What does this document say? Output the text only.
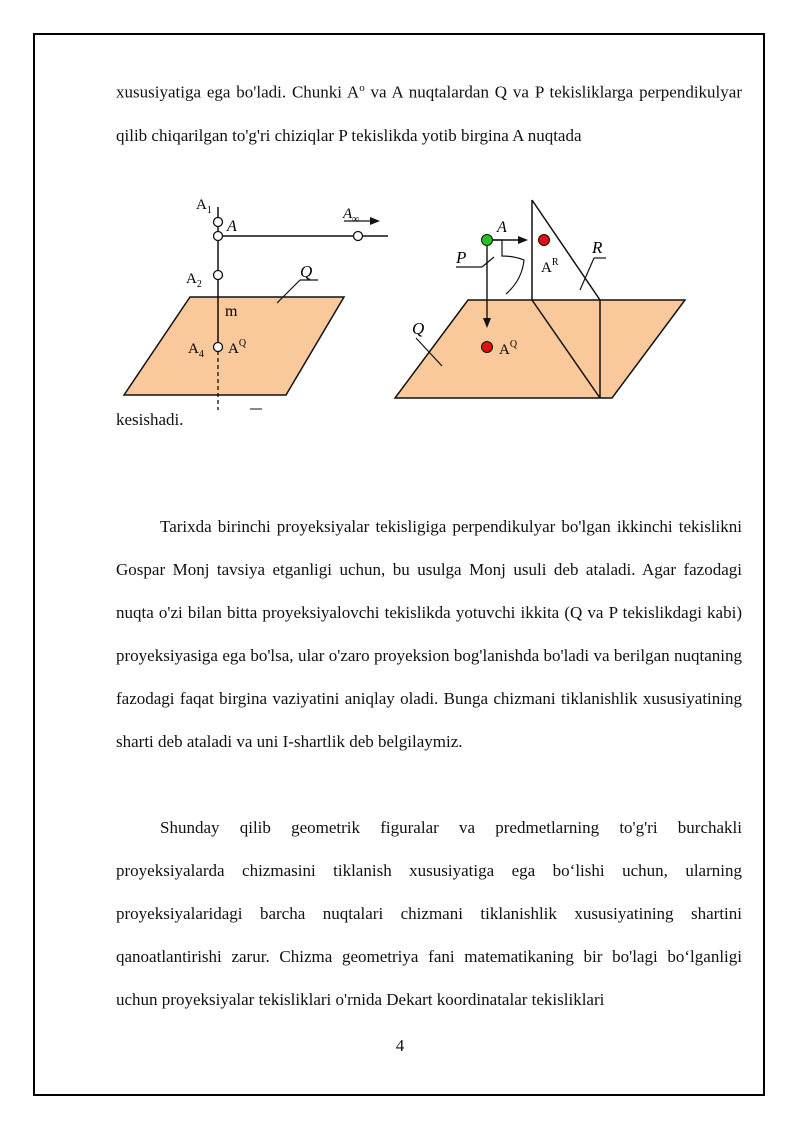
xususiyatiga ega bo'ladi. Chunki $A^o$ va A nuqtalardan Q va P tekisliklarga perpendikulyar qilib chiqarilgan to'g'ri chiziqlar P tekislikda yotib birgina A nuqtada

$A_1$
A
$A_\infty$
$A_2$
Q
m
$A_4$ $A^Q$
A
$A^R$
P
R
Q
$A^Q$

kesishadi.

Tarixda birinchi proyeksiyalar tekisligiga perpendikulyar bo'lgan ikkinchi tekislikni Gospar Monj tavsiya etganligi uchun, bu usulga Monj usuli deb ataladi. Agar fazodagi nuqta o'zi bilan bitta proyeksiyalovchi tekislikda yotuvchi ikkita (Q va P tekislikdagi kabi) proyeksiyasiga ega bo'lsa, ular o'zaro proyeksion bog'lanishda bo'ladi va berilgan nuqtaning fazodagi faqat birgina vaziyatini aniqlay oladi. Bunga chizmani tiklanishlik xususiyatining sharti deb ataladi va uni I-shartlik deb belgilaymiz.

Shunday qilib geometrik figuralar va predmetlarning to'g'ri burchakli proyeksiyalarda chizmasini tiklanish xususiyatiga ega bo‘lishi uchun, ularning proyeksiyalaridagi barcha nuqtalari chizmani tiklanishlik xususiyatining shartini qanoatlantirishi zarur. Chizma geometriya fani matematikaning bir bo'lagi bo‘lganligi uchun proyeksiyalar tekisliklari o'rnida Dekart koordinatalar tekisliklari

4
